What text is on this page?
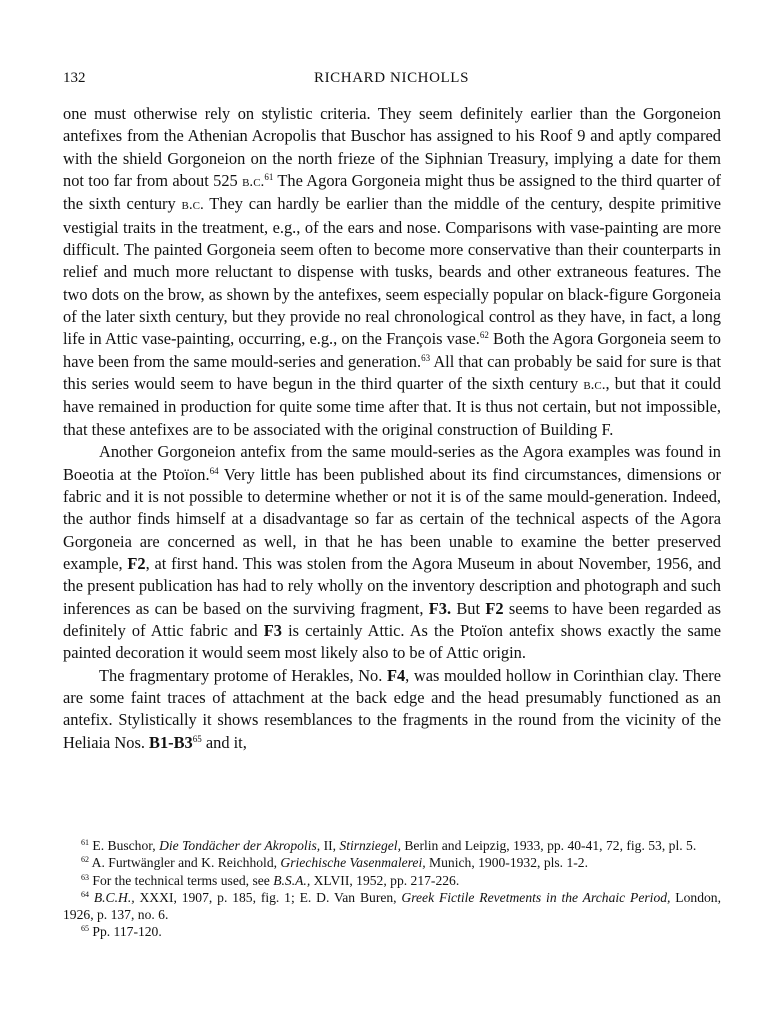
132	RICHARD NICHOLLS

one must otherwise rely on stylistic criteria. They seem definitely earlier than the Gorgoneion antefixes from the Athenian Acropolis that Buschor has assigned to his Roof 9 and aptly compared with the shield Gorgoneion on the north frieze of the Siphnian Treasury, implying a date for them not too far from about 525 b.c.$^{61}$ The Agora Gorgoneia might thus be assigned to the third quarter of the sixth century b.c. They can hardly be earlier than the middle of the century, despite primitive vestigial traits in the treatment, e.g., of the ears and nose. Comparisons with vase-painting are more difficult. The painted Gorgoneia seem often to become more conservative than their counterparts in relief and much more reluctant to dispense with tusks, beards and other extraneous features. The two dots on the brow, as shown by the antefixes, seem especially popular on black-figure Gorgoneia of the later sixth century, but they provide no real chronological control as they have, in fact, a long life in Attic vase-painting, occurring, e.g., on the François vase.$^{62}$ Both the Agora Gorgoneia seem to have been from the same mould-series and generation.$^{63}$ All that can probably be said for sure is that this series would seem to have begun in the third quarter of the sixth century b.c., but that it could have remained in production for quite some time after that. It is thus not certain, but not impossible, that these antefixes are to be associated with the original construction of Building F.

Another Gorgoneion antefix from the same mould-series as the Agora examples was found in Boeotia at the Ptoïon.$^{64}$ Very little has been published about its find circumstances, dimensions or fabric and it is not possible to determine whether or not it is of the same mould-generation. Indeed, the author finds himself at a disadvantage so far as certain of the technical aspects of the Agora Gorgoneia are concerned as well, in that he has been unable to examine the better preserved example, F2, at first hand. This was stolen from the Agora Museum in about November, 1956, and the present publication has had to rely wholly on the inventory description and photograph and such inferences as can be based on the surviving fragment, F3. But F2 seems to have been regarded as definitely of Attic fabric and F3 is certainly Attic. As the Ptoïon antefix shows exactly the same painted decoration it would seem most likely also to be of Attic origin.

The fragmentary protome of Herakles, No. F4, was moulded hollow in Corinthian clay. There are some faint traces of attachment at the back edge and the head presumably functioned as an antefix. Stylistically it shows resemblances to the fragments in the round from the vicinity of the Heliaia Nos. $B1-B3^{65}$ and it,

$^{61}$ E. Buschor, Die Tondächer der Akropolis, II, Stirnziegel, Berlin and Leipzig, 1933, pp. 40-41, 72, fig. 53, pl. 5.

$^{62}$ A. Furtwängler and K. Reichhold, Griechische Vasenmalerei, Munich, 1900-1932, pls. 1-2.

$^{63}$ For the technical terms used, see B.S.A., XLVII, 1952, pp. 217-226.

$^{64}$ B.C.H., XXXI, 1907, p. 185, fig. 1; E. D. Van Buren, Greek Fictile Revetments in the Archaic Period, London, 1926, p. 137, no. 6.

$^{65}$ Pp. 117-120.
